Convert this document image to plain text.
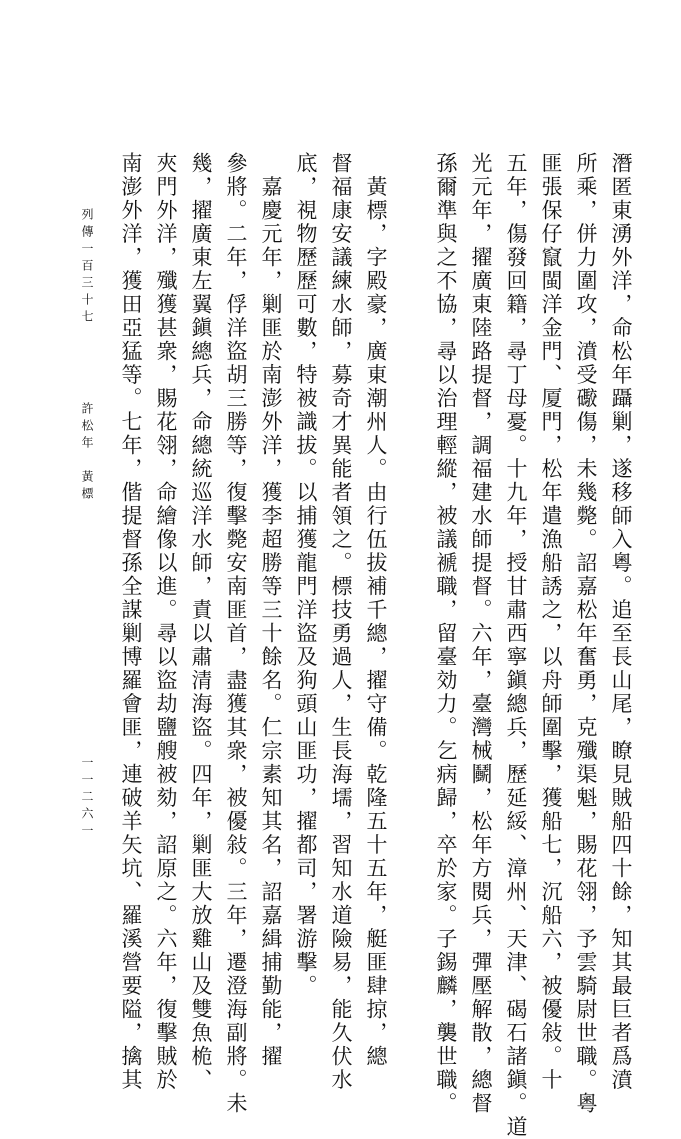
列傳一百三十七
許松年　黃標
一一二六一	潛匿東湧外洋，命松年躡剿，遂移師入粵。追至長山尾，瞭見賊船四十餘，知其最巨者爲濆
所乘，併力圍攻，濆受礮傷，未幾斃。詔嘉松年奮勇，克殲渠魁，賜花翎，予雲騎尉世職。粵
匪張保仔竄閩洋金門、厦門，松年遣漁船誘之，以舟師圍擊，獲船七，沉船六，被優敍。十
五年，傷發回籍，尋丁母憂。十九年，授甘肅西寧鎭總兵，歷延綏、漳州、天津、碣石諸鎭。道
光元年，擢廣東陸路提督，調福建水師提督。六年，臺灣械鬭，松年方閱兵，彈壓解散，總督
孫爾準與之不協，尋以治理輕縱，被議褫職，留臺効力。乞病歸，卒於家。子錫麟，襲世職。
　黃標，字殿豪，廣東潮州人。由行伍拔補千總，擢守備。乾隆五十五年，艇匪肆掠，總
督福康安議練水師，募奇才異能者領之。標技勇過人，生長海壖，習知水道險易，能久伏水
底，視物歷歷可數，特被識拔。以捕獲龍門洋盜及狗頭山匪功，擢都司，署游擊。
　嘉慶元年，剿匪於南澎外洋，獲李超勝等三十餘名。仁宗素知其名，詔嘉緝捕勤能，擢
參將。二年，俘洋盜胡三勝等，復擊斃安南匪首，盡獲其衆，被優敍。三年，遷澄海副將。未
幾，擢廣東左翼鎭總兵，命總統巡洋水師，責以肅清海盜。四年，剿匪大放雞山及雙魚桅、
夾門外洋，殲獲甚衆，賜花翎，命繪像以進。尋以盜劫鹽艘被劾，詔原之。六年，復擊賊於
南澎外洋，獲田亞猛等。七年，偕提督孫全謀剿博羅會匪，連破羊矢坑、羅溪營要隘，擒其
